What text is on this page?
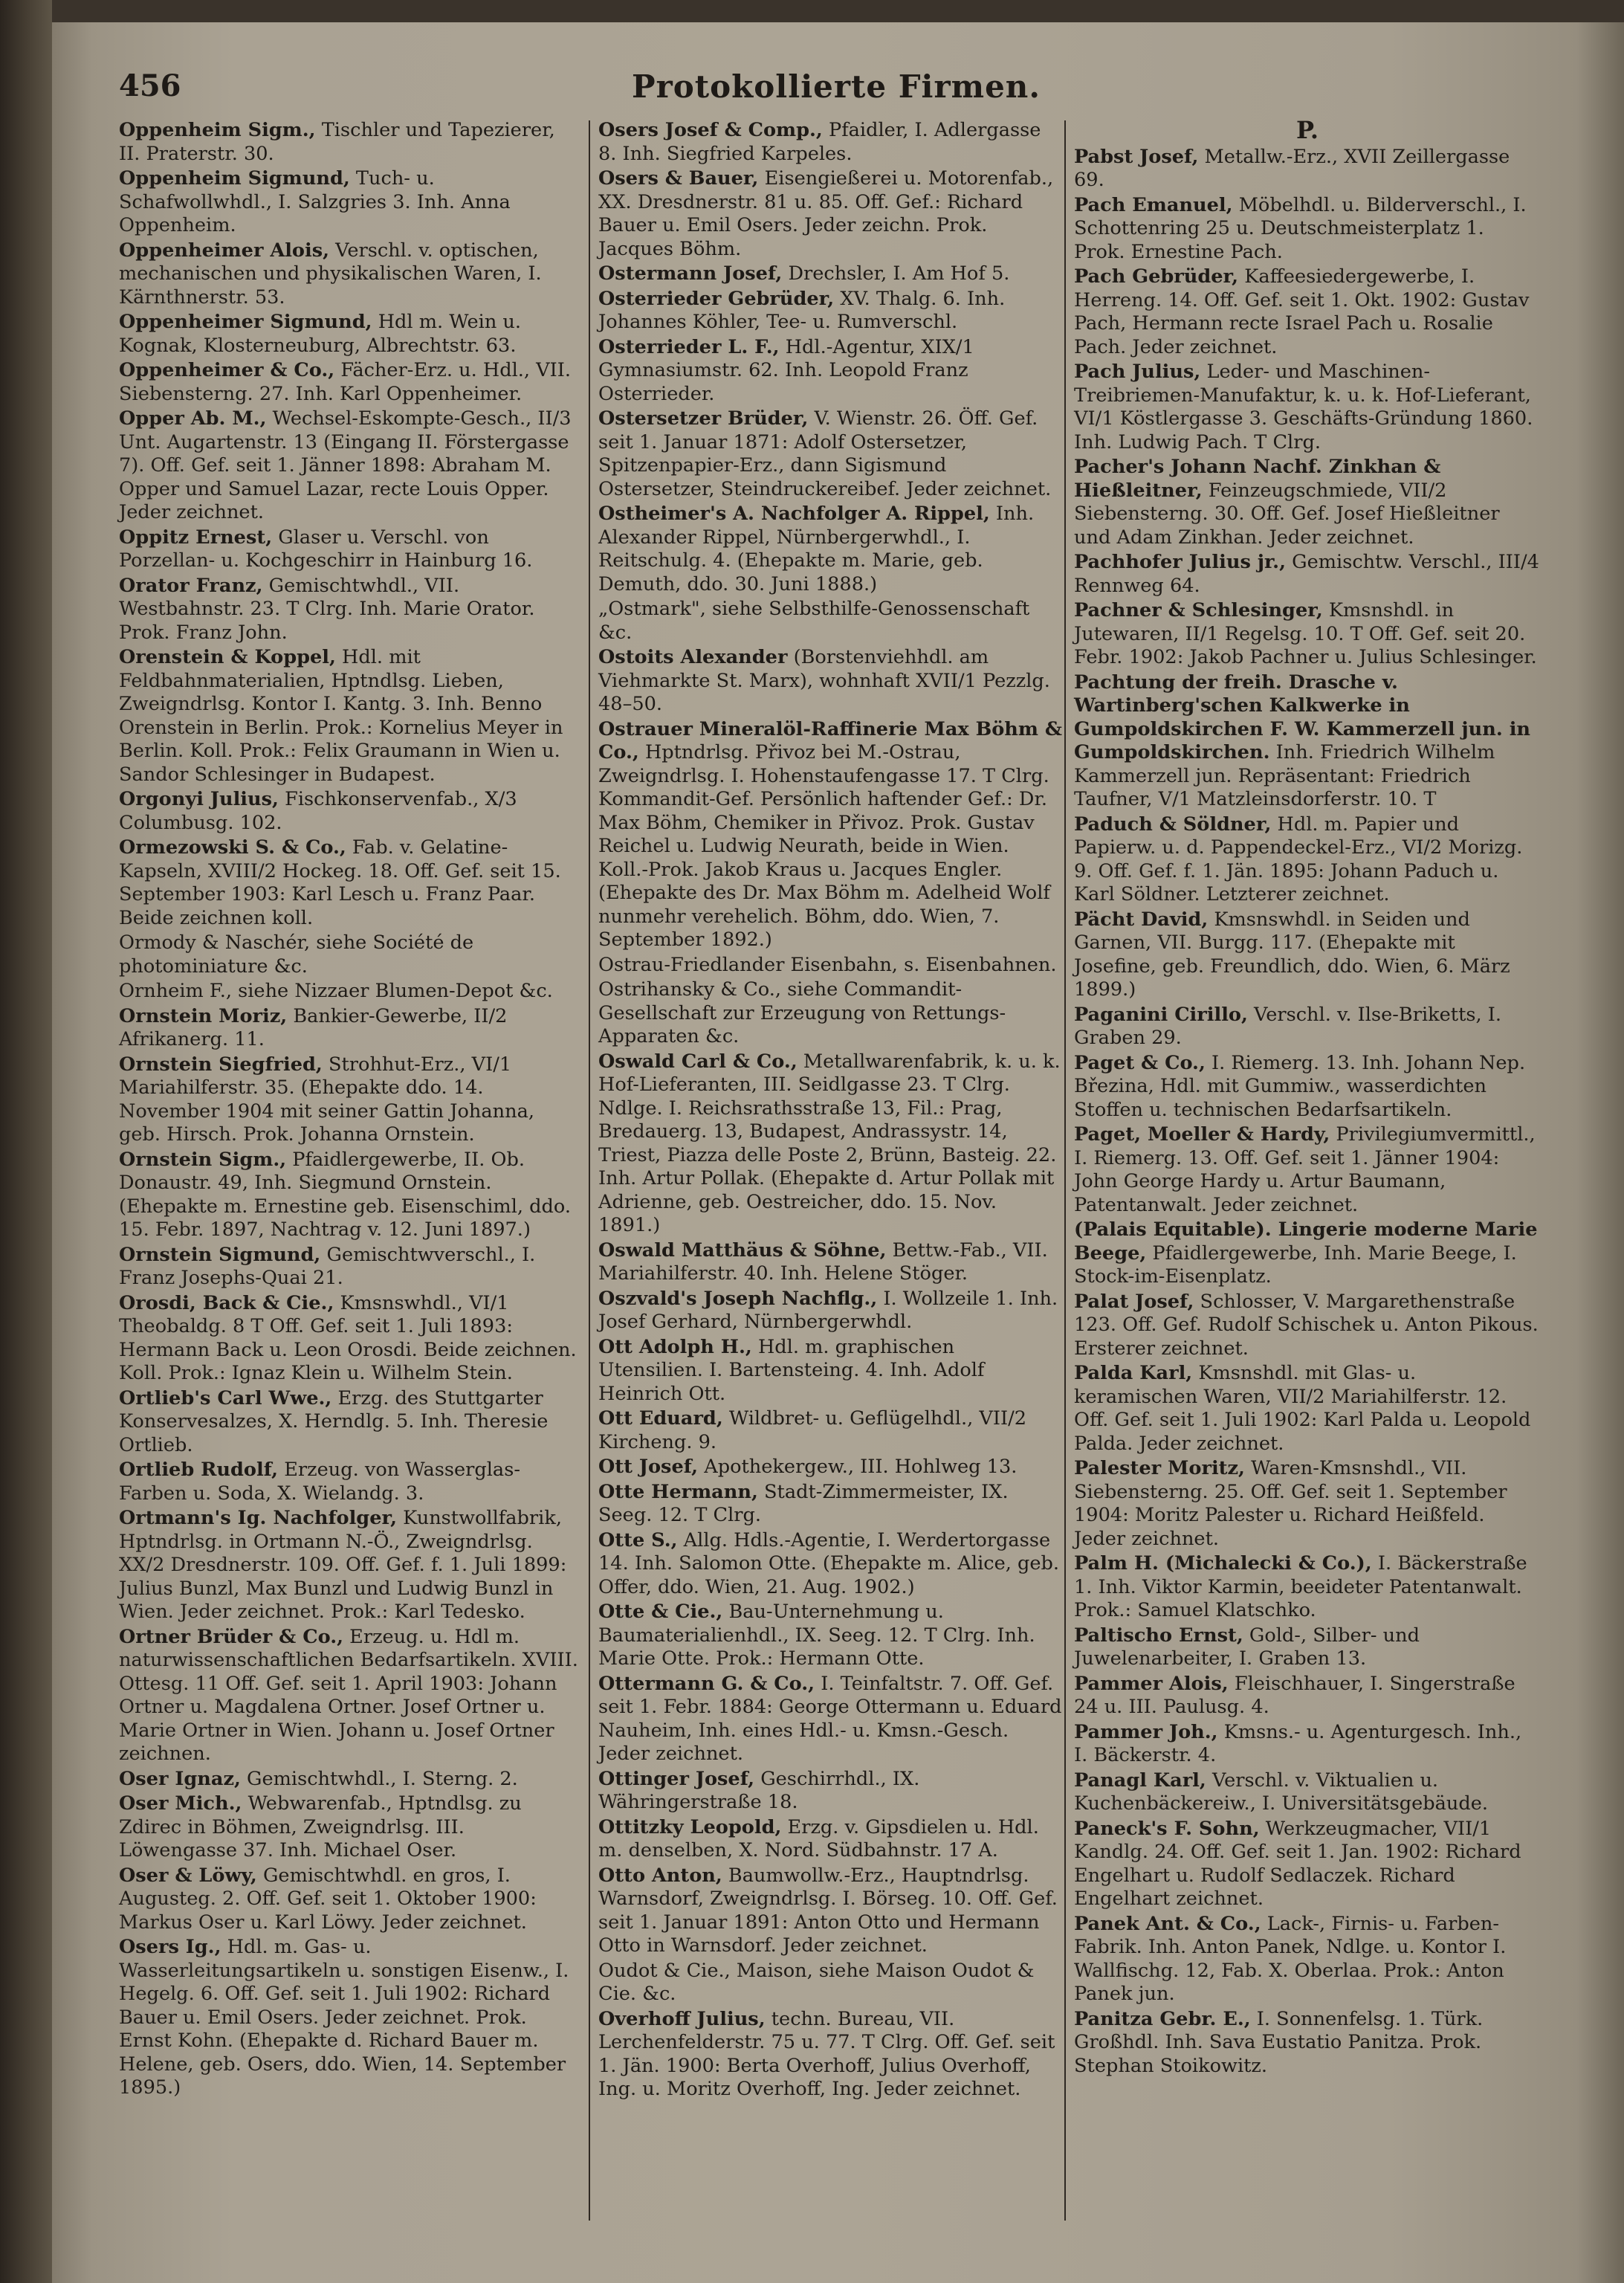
456	Protokollierte Firmen.

Oppenheim Sigm., Tischler und Tapezierer, II. Praterstr. 30.

Oppenheim Sigmund, Tuch- u. Schafwollwhdl., I. Salzgries 3. Inh. Anna Oppenheim.

Oppenheimer Alois, Verschl. v. optischen, mechanischen und physikalischen Waren, I. Kärnthnerstr. 53.

Oppenheimer Sigmund, Hdl m. Wein u. Kognak, Klosterneuburg, Albrechtstr. 63.

Oppenheimer & Co., Fächer-Erz. u. Hdl., VII. Siebensterng. 27. Inh. Karl Oppenheimer.

Opper Ab. M., Wechsel-Eskompte-Gesch., II/3 Unt. Augartenstr. 13 (Eingang II. Förstergasse 7). Off. Gef. seit 1. Jänner 1898: Abraham M. Opper und Samuel Lazar, recte Louis Opper. Jeder zeichnet.

Oppitz Ernest, Glaser u. Verschl. von Porzellan- u. Kochgeschirr in Hainburg 16.

Orator Franz, Gemischtwhdl., VII. Westbahnstr. 23. T Clrg. Inh. Marie Orator. Prok. Franz John.

Orenstein & Koppel, Hdl. mit Feldbahnmaterialien, Hptndlsg. Lieben, Zweigndrlsg. Kontor I. Kantg. 3. Inh. Benno Orenstein in Berlin. Prok.: Kornelius Meyer in Berlin. Koll. Prok.: Felix Graumann in Wien u. Sandor Schlesinger in Budapest.

Orgonyi Julius, Fischkonservenfab., X/3 Columbusg. 102.

Ormezowski S. & Co., Fab. v. Gelatine-Kapseln, XVIII/2 Hockeg. 18. Off. Gef. seit 15. September 1903: Karl Lesch u. Franz Paar. Beide zeichnen koll.

Ormody & Naschér, siehe Société de photominiature &c.

Ornheim F., siehe Nizzaer Blumen-Depot &c.

Ornstein Moriz, Bankier-Gewerbe, II/2 Afrikanerg. 11.

Ornstein Siegfried, Strohhut-Erz., VI/1 Mariahilferstr. 35. (Ehepakte ddo. 14. November 1904 mit seiner Gattin Johanna, geb. Hirsch. Prok. Johanna Ornstein.

Ornstein Sigm., Pfaidlergewerbe, II. Ob. Donaustr. 49, Inh. Siegmund Ornstein. (Ehepakte m. Ernestine geb. Eisenschiml, ddo. 15. Febr. 1897, Nachtrag v. 12. Juni 1897.)

Ornstein Sigmund, Gemischtwverschl., I. Franz Josephs-Quai 21.

Orosdi, Back & Cie., Kmsnswhdl., VI/1 Theobaldg. 8 T Off. Gef. seit 1. Juli 1893: Hermann Back u. Leon Orosdi. Beide zeichnen. Koll. Prok.: Ignaz Klein u. Wilhelm Stein.

Ortlieb's Carl Wwe., Erzg. des Stuttgarter Konservesalzes, X. Herndlg. 5. Inh. Theresie Ortlieb.

Ortlieb Rudolf, Erzeug. von Wasserglas-Farben u. Soda, X. Wielandg. 3.

Ortmann's Ig. Nachfolger, Kunstwollfabrik, Hptndrlsg. in Ortmann N.-Ö., Zweigndrlsg. XX/2 Dresdnerstr. 109. Off. Gef. f. 1. Juli 1899: Julius Bunzl, Max Bunzl und Ludwig Bunzl in Wien. Jeder zeichnet. Prok.: Karl Tedesko.

Ortner Brüder & Co., Erzeug. u. Hdl m. naturwissenschaftlichen Bedarfsartikeln. XVIII. Ottesg. 11 Off. Gef. seit 1. April 1903: Johann Ortner u. Magdalena Ortner. Josef Ortner u. Marie Ortner in Wien. Johann u. Josef Ortner zeichnen.

Oser Ignaz, Gemischtwhdl., I. Sterng. 2.

Oser Mich., Webwarenfab., Hptndlsg. zu Zdirec in Böhmen, Zweigndrlsg. III. Löwengasse 37. Inh. Michael Oser.

Oser & Löwy, Gemischtwhdl. en gros, I. Augusteg. 2. Off. Gef. seit 1. Oktober 1900: Markus Oser u. Karl Löwy. Jeder zeichnet.

Osers Ig., Hdl. m. Gas- u. Wasserleitungsartikeln u. sonstigen Eisenw., I. Hegelg. 6. Off. Gef. seit 1. Juli 1902: Richard Bauer u. Emil Osers. Jeder zeichnet. Prok. Ernst Kohn. (Ehepakte d. Richard Bauer m. Helene, geb. Osers, ddo. Wien, 14. September 1895.)

Osers Josef & Comp., Pfaidler, I. Adlergasse 8. Inh. Siegfried Karpeles.

Osers & Bauer, Eisengießerei u. Motorenfab., XX. Dresdnerstr. 81 u. 85. Off. Gef.: Richard Bauer u. Emil Osers. Jeder zeichn. Prok. Jacques Böhm.

Ostermann Josef, Drechsler, I. Am Hof 5.

Osterrieder Gebrüder, XV. Thalg. 6. Inh. Johannes Köhler, Tee- u. Rumverschl.

Osterrieder L. F., Hdl.-Agentur, XIX/1 Gymnasiumstr. 62. Inh. Leopold Franz Osterrieder.

Ostersetzer Brüder, V. Wienstr. 26. Öff. Gef. seit 1. Januar 1871: Adolf Ostersetzer, Spitzenpapier-Erz., dann Sigismund Ostersetzer, Steindruckereibef. Jeder zeichnet.

Ostheimer's A. Nachfolger A. Rippel, Inh. Alexander Rippel, Nürnbergerwhdl., I. Reitschulg. 4. (Ehepakte m. Marie, geb. Demuth, ddo. 30. Juni 1888.)

„Ostmark", siehe Selbsthilfe-Genossenschaft &c.

Ostoits Alexander (Borstenviehhdl. am Viehmarkte St. Marx), wohnhaft XVII/1 Pezzlg. 48–50.

Ostrauer Mineralöl-Raffinerie Max Böhm & Co., Hptndrlsg. Přivoz bei M.-Ostrau, Zweigndrlsg. I. Hohenstaufengasse 17. T Clrg. Kommandit-Gef. Persönlich haftender Gef.: Dr. Max Böhm, Chemiker in Přivoz. Prok. Gustav Reichel u. Ludwig Neurath, beide in Wien. Koll.-Prok. Jakob Kraus u. Jacques Engler. (Ehepakte des Dr. Max Böhm m. Adelheid Wolf nunmehr verehelich. Böhm, ddo. Wien, 7. September 1892.)

Ostrau-Friedlander Eisenbahn, s. Eisenbahnen.

Ostrihansky & Co., siehe Commandit-Gesellschaft zur Erzeugung von Rettungs-Apparaten &c.

Oswald Carl & Co., Metallwarenfabrik, k. u. k. Hof-Lieferanten, III. Seidlgasse 23. T Clrg. Ndlge. I. Reichsrathsstraße 13, Fil.: Prag, Bredauerg. 13, Budapest, Andrassystr. 14, Triest, Piazza delle Poste 2, Brünn, Basteig. 22. Inh. Artur Pollak. (Ehepakte d. Artur Pollak mit Adrienne, geb. Oestreicher, ddo. 15. Nov. 1891.)

Oswald Matthäus & Söhne, Bettw.-Fab., VII. Mariahilferstr. 40. Inh. Helene Stöger.

Oszvald's Joseph Nachflg., I. Wollzeile 1. Inh. Josef Gerhard, Nürnbergerwhdl.

Ott Adolph H., Hdl. m. graphischen Utensilien. I. Bartensteing. 4. Inh. Adolf Heinrich Ott.

Ott Eduard, Wildbret- u. Geflügelhdl., VII/2 Kircheng. 9.

Ott Josef, Apothekergew., III. Hohlweg 13.

Otte Hermann, Stadt-Zimmermeister, IX. Seeg. 12. T Clrg.

Otte S., Allg. Hdls.-Agentie, I. Werdertorgasse 14. Inh. Salomon Otte. (Ehepakte m. Alice, geb. Offer, ddo. Wien, 21. Aug. 1902.)

Otte & Cie., Bau-Unternehmung u. Baumaterialienhdl., IX. Seeg. 12. T Clrg. Inh. Marie Otte. Prok.: Hermann Otte.

Ottermann G. & Co., I. Teinfaltstr. 7. Off. Gef. seit 1. Febr. 1884: George Ottermann u. Eduard Nauheim, Inh. eines Hdl.- u. Kmsn.-Gesch. Jeder zeichnet.

Ottinger Josef, Geschirrhdl., IX. Währingerstraße 18.

Ottitzky Leopold, Erzg. v. Gipsdielen u. Hdl. m. denselben, X. Nord. Südbahnstr. 17 A.

Otto Anton, Baumwollw.-Erz., Hauptndrlsg. Warnsdorf, Zweigndrlsg. I. Börseg. 10. Off. Gef. seit 1. Januar 1891: Anton Otto und Hermann Otto in Warnsdorf. Jeder zeichnet.

Oudot & Cie., Maison, siehe Maison Oudot & Cie. &c.

Overhoff Julius, techn. Bureau, VII. Lerchenfelderstr. 75 u. 77. T Clrg. Off. Gef. seit 1. Jän. 1900: Berta Overhoff, Julius Overhoff, Ing. u. Moritz Overhoff, Ing. Jeder zeichnet.

P.

Pabst Josef, Metallw.-Erz., XVII Zeillergasse 69.

Pach Emanuel, Möbelhdl. u. Bilderverschl., I. Schottenring 25 u. Deutschmeisterplatz 1. Prok. Ernestine Pach.

Pach Gebrüder, Kaffeesiedergewerbe, I. Herreng. 14. Off. Gef. seit 1. Okt. 1902: Gustav Pach, Hermann recte Israel Pach u. Rosalie Pach. Jeder zeichnet.

Pach Julius, Leder- und Maschinen-Treibriemen-Manufaktur, k. u. k. Hof-Lieferant, VI/1 Köstlergasse 3. Geschäfts-Gründung 1860. Inh. Ludwig Pach. T Clrg.

Pacher's Johann Nachf. Zinkhan & Hießleitner, Feinzeugschmiede, VII/2 Siebensterng. 30. Off. Gef. Josef Hießleitner und Adam Zinkhan. Jeder zeichnet.

Pachhofer Julius jr., Gemischtw. Verschl., III/4 Rennweg 64.

Pachner & Schlesinger, Kmsnshdl. in Jutewaren, II/1 Regelsg. 10. T Off. Gef. seit 20. Febr. 1902: Jakob Pachner u. Julius Schlesinger.

Pachtung der freih. Drasche v. Wartinberg'schen Kalkwerke in Gumpoldskirchen F. W. Kammerzell jun. in Gumpoldskirchen. Inh. Friedrich Wilhelm Kammerzell jun. Repräsentant: Friedrich Taufner, V/1 Matzleinsdorferstr. 10. T

Paduch & Söldner, Hdl. m. Papier und Papierw. u. d. Pappendeckel-Erz., VI/2 Morizg. 9. Off. Gef. f. 1. Jän. 1895: Johann Paduch u. Karl Söldner. Letzterer zeichnet.

Pächt David, Kmsnswhdl. in Seiden und Garnen, VII. Burgg. 117. (Ehepakte mit Josefine, geb. Freundlich, ddo. Wien, 6. März 1899.)

Paganini Cirillo, Verschl. v. Ilse-Briketts, I. Graben 29.

Paget & Co., I. Riemerg. 13. Inh. Johann Nep. Březina, Hdl. mit Gummiw., wasserdichten Stoffen u. technischen Bedarfsartikeln.

Paget, Moeller & Hardy, Privilegiumvermittl., I. Riemerg. 13. Off. Gef. seit 1. Jänner 1904: John George Hardy u. Artur Baumann, Patentanwalt. Jeder zeichnet.

(Palais Equitable). Lingerie moderne Marie Beege, Pfaidlergewerbe, Inh. Marie Beege, I. Stock-im-Eisenplatz.

Palat Josef, Schlosser, V. Margarethenstraße 123. Off. Gef. Rudolf Schischek u. Anton Pikous. Ersterer zeichnet.

Palda Karl, Kmsnshdl. mit Glas- u. keramischen Waren, VII/2 Mariahilferstr. 12. Off. Gef. seit 1. Juli 1902: Karl Palda u. Leopold Palda. Jeder zeichnet.

Palester Moritz, Waren-Kmsnshdl., VII. Siebensterng. 25. Off. Gef. seit 1. September 1904: Moritz Palester u. Richard Heißfeld. Jeder zeichnet.

Palm H. (Michalecki & Co.), I. Bäckerstraße 1. Inh. Viktor Karmin, beeideter Patentanwalt. Prok.: Samuel Klatschko.

Paltischo Ernst, Gold-, Silber- und Juwelenarbeiter, I. Graben 13.

Pammer Alois, Fleischhauer, I. Singerstraße 24 u. III. Paulusg. 4.

Pammer Joh., Kmsns.- u. Agenturgesch. Inh., I. Bäckerstr. 4.

Panagl Karl, Verschl. v. Viktualien u. Kuchenbäckereiw., I. Universitätsgebäude.

Paneck's F. Sohn, Werkzeugmacher, VII/1 Kandlg. 24. Off. Gef. seit 1. Jan. 1902: Richard Engelhart u. Rudolf Sedlaczek. Richard Engelhart zeichnet.

Panek Ant. & Co., Lack-, Firnis- u. Farben-Fabrik. Inh. Anton Panek, Ndlge. u. Kontor I. Wallfischg. 12, Fab. X. Oberlaa. Prok.: Anton Panek jun.

Panitza Gebr. E., I. Sonnenfelsg. 1. Türk. Großhdl. Inh. Sava Eustatio Panitza. Prok. Stephan Stoikowitz.
